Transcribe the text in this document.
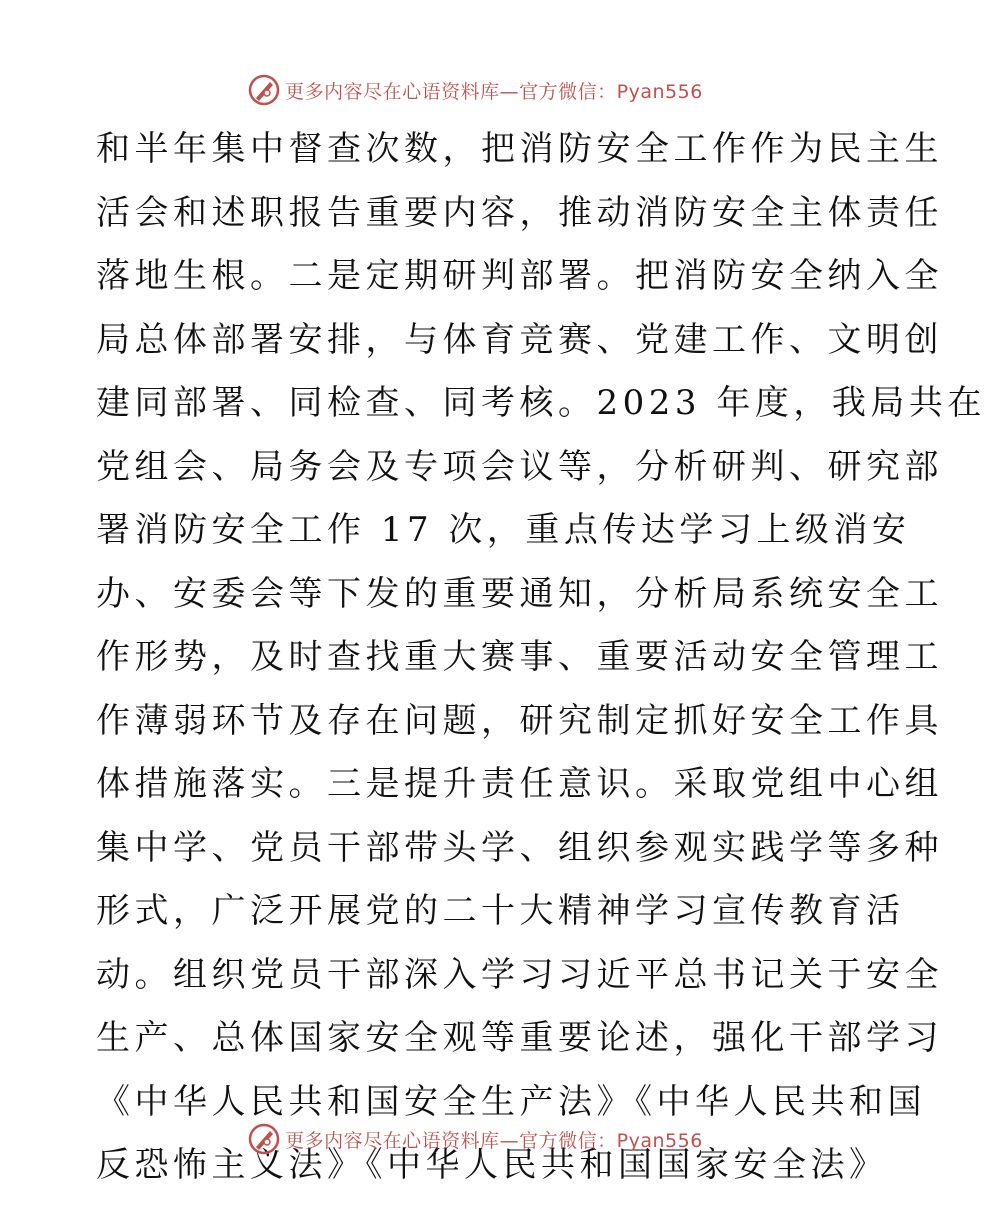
更多内容尽在心语资料库—官方微信：Pyan556
和半年集中督查次数，把消防安全工作作为民主生
活会和述职报告重要内容，推动消防安全主体责任
落地生根。二是定期研判部署。把消防安全纳入全
局总体部署安排，与体育竞赛、党建工作、文明创
建同部署、同检查、同考核。2023 年度，我局共在
党组会、局务会及专项会议等，分析研判、研究部
署消防安全工作 17 次，重点传达学习上级消安
办、安委会等下发的重要通知，分析局系统安全工
作形势，及时查找重大赛事、重要活动安全管理工
作薄弱环节及存在问题，研究制定抓好安全工作具
体措施落实。三是提升责任意识。采取党组中心组
集中学、党员干部带头学、组织参观实践学等多种
形式，广泛开展党的二十大精神学习宣传教育活
动。组织党员干部深入学习习近平总书记关于安全
生产、总体国家安全观等重要论述，强化干部学习
《中华人民共和国安全生产法》《中华人民共和国
反恐怖主义法》《中华人民共和国国家安全法》
更多内容尽在心语资料库—官方微信：Pyan556
